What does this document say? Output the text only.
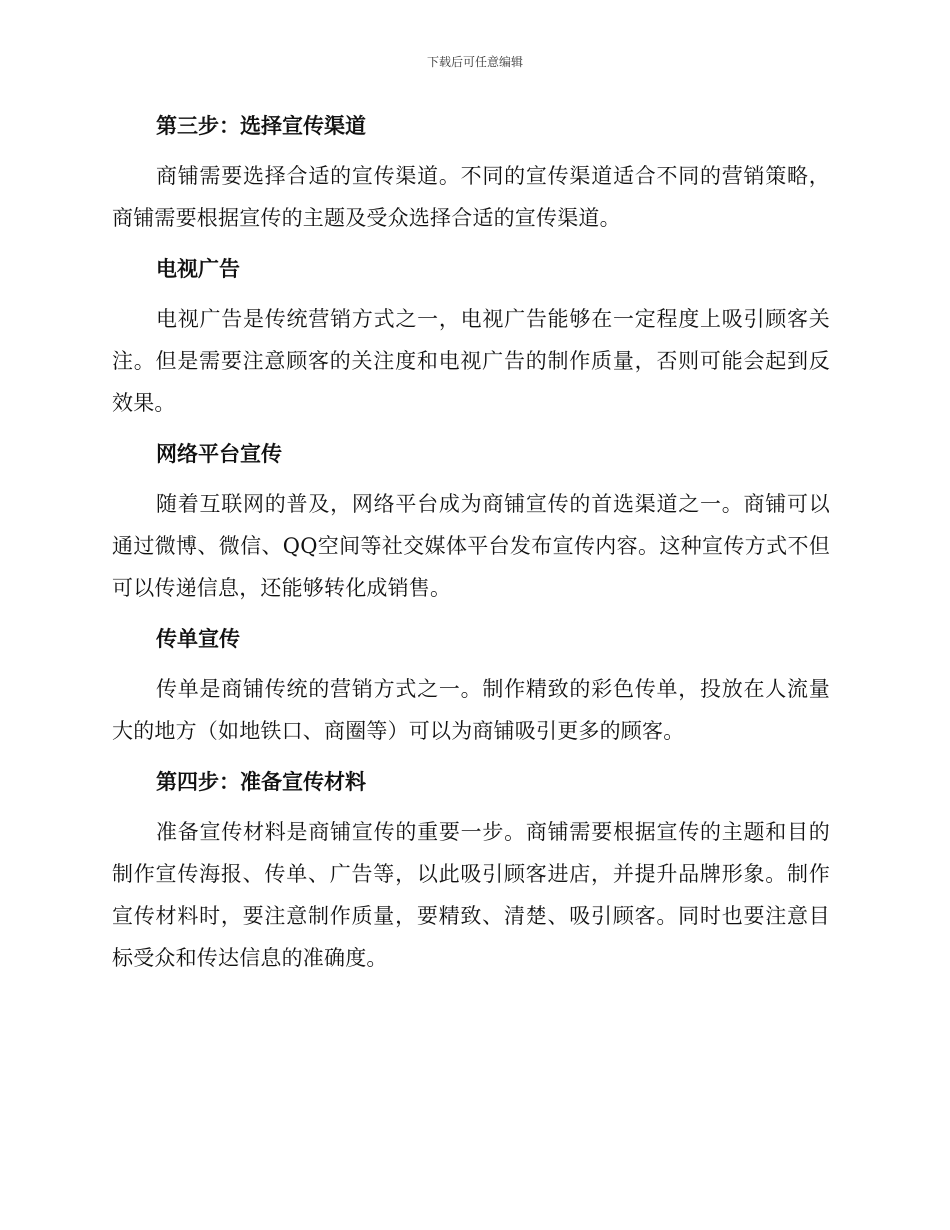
下载后可任意编辑
第三步：选择宣传渠道

商铺需要选择合适的宣传渠道。不同的宣传渠道适合不同的营销策略，商铺需要根据宣传的主题及受众选择合适的宣传渠道。

电视广告

电视广告是传统营销方式之一，电视广告能够在一定程度上吸引顾客关注。但是需要注意顾客的关注度和电视广告的制作质量，否则可能会起到反效果。

网络平台宣传

随着互联网的普及，网络平台成为商铺宣传的首选渠道之一。商铺可以通过微博、微信、QQ空间等社交媒体平台发布宣传内容。这种宣传方式不但可以传递信息，还能够转化成销售。

传单宣传

传单是商铺传统的营销方式之一。制作精致的彩色传单，投放在人流量大的地方（如地铁口、商圈等）可以为商铺吸引更多的顾客。

第四步：准备宣传材料

准备宣传材料是商铺宣传的重要一步。商铺需要根据宣传的主题和目的制作宣传海报、传单、广告等，以此吸引顾客进店，并提升品牌形象。制作宣传材料时，要注意制作质量，要精致、清楚、吸引顾客。同时也要注意目标受众和传达信息的准确度。
